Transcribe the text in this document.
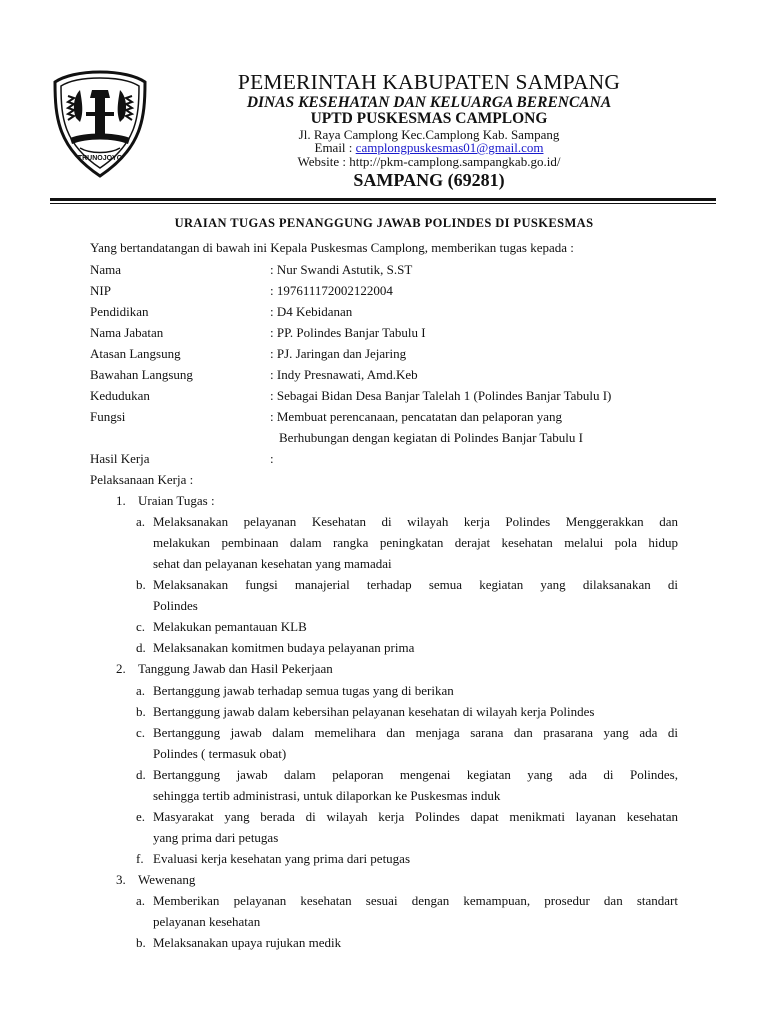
TRUNOJOYO
PEMERINTAH KABUPATEN SAMPANG
DINAS KESEHATAN DAN KELUARGA BERENCANA
UPTD PUSKESMAS CAMPLONG
Jl. Raya Camplong Kec.Camplong Kab. Sampang
Email : camplongpuskesmas01@gmail.com
Website : http://pkm-camplong.sampangkab.go.id/
SAMPANG (69281)
URAIAN TUGAS PENANGGUNG JAWAB POLINDES DI PUSKESMAS
Yang bertandatangan di bawah ini Kepala Puskesmas Camplong, memberikan tugas kepada :
Nama	: Nur Swandi Astutik, S.ST
NIP	: 197611172002122004
Pendidikan	: D4 Kebidanan
Nama Jabatan	: PP. Polindes Banjar Tabulu I
Atasan Langsung	: PJ. Jaringan dan Jejaring
Bawahan Langsung	: Indy Presnawati, Amd.Keb
Kedudukan	: Sebagai Bidan Desa Banjar Talelah 1 (Polindes Banjar Tabulu I)
Fungsi	: Membuat perencanaan, pencatatan dan pelaporan yang
Berhubungan dengan kegiatan di Polindes Banjar Tabulu I
Hasil Kerja	:
Pelaksanaan Kerja :
1. Uraian Tugas :
a. Melaksanakan pelayanan Kesehatan di wilayah kerja Polindes Menggerakkan dan
melakukan pembinaan dalam rangka peningkatan derajat kesehatan melalui pola hidup
sehat dan pelayanan kesehatan yang mamadai
b. Melaksanakan fungsi manajerial terhadap semua kegiatan yang dilaksanakan di
Polindes
c. Melakukan pemantauan KLB
d. Melaksanakan komitmen budaya pelayanan prima
2. Tanggung Jawab dan Hasil Pekerjaan
a. Bertanggung jawab terhadap semua tugas yang di berikan
b. Bertanggung jawab dalam kebersihan pelayanan kesehatan di wilayah kerja Polindes
c. Bertanggung jawab dalam memelihara dan menjaga sarana dan prasarana yang ada di
Polindes ( termasuk obat)
d. Bertanggung jawab dalam pelaporan mengenai kegiatan yang ada di Polindes,
sehingga tertib administrasi, untuk dilaporkan ke Puskesmas induk
e. Masyarakat yang berada di wilayah kerja Polindes dapat menikmati layanan kesehatan
yang prima dari petugas
f. Evaluasi kerja kesehatan yang prima dari petugas
3. Wewenang
a. Memberikan pelayanan kesehatan sesuai dengan kemampuan, prosedur dan standart
pelayanan kesehatan
b. Melaksanakan upaya rujukan medik
